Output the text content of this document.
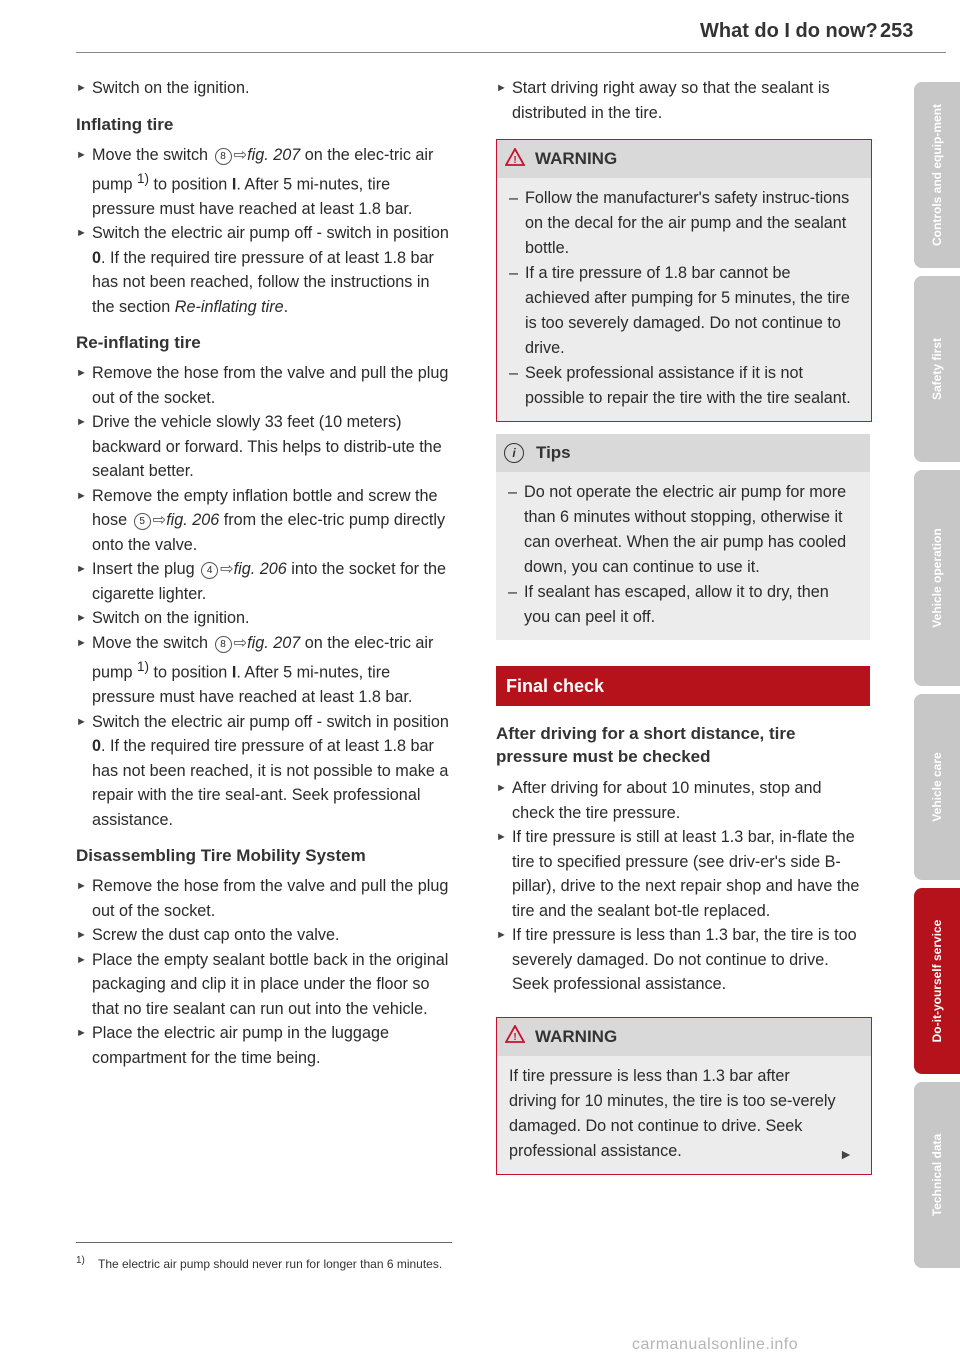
What do I do now? 253

► Switch on the ignition.

Inflating tire

► Move the switch 8 ⇨fig. 207 on the elec-tric air pump $^{1)}$ to position I. After 5 mi-nutes, tire pressure must have reached at least 1.8 bar.

► Switch the electric air pump off - switch in position 0. If the required tire pressure of at least 1.8 bar has not been reached, follow the instructions in the section Re-inflating tire.

Re-inflating tire

► Remove the hose from the valve and pull the plug out of the socket.

► Drive the vehicle slowly 33 feet (10 meters) backward or forward. This helps to distrib-ute the sealant better.

► Remove the empty inflation bottle and screw the hose 5 ⇨fig. 206 from the elec-tric pump directly onto the valve.

► Insert the plug 4 ⇨fig. 206 into the socket for the cigarette lighter.

► Switch on the ignition.

► Move the switch 8 ⇨fig. 207 on the elec-tric air pump $^{1)}$ to position I. After 5 mi-nutes, tire pressure must have reached at least 1.8 bar.

► Switch the electric air pump off - switch in position 0. If the required tire pressure of at least 1.8 bar has not been reached, it is not possible to make a repair with the tire seal-ant. Seek professional assistance.

Disassembling Tire Mobility System

► Remove the hose from the valve and pull the plug out of the socket.

► Screw the dust cap onto the valve.

► Place the empty sealant bottle back in the original packaging and clip it in place under the floor so that no tire sealant can run out into the vehicle.

► Place the electric air pump in the luggage compartment for the time being.

1)	The electric air pump should never run for longer than 6 minutes.

► Start driving right away so that the sealant is distributed in the tire.

! WARNING

– Follow the manufacturer's safety instruc-tions on the decal for the air pump and the sealant bottle.

– If a tire pressure of 1.8 bar cannot be achieved after pumping for 5 minutes, the tire is too severely damaged. Do not continue to drive.

– Seek professional assistance if it is not possible to repair the tire with the tire sealant.

i	Tips

– Do not operate the electric air pump for more than 6 minutes without stopping, otherwise it can overheat. When the air pump has cooled down, you can continue to use it.

– If sealant has escaped, allow it to dry, then you can peel it off.

Final check
After driving for a short distance, tire pressure must be checked

► After driving for about 10 minutes, stop and check the tire pressure.

► If tire pressure is still at least 1.3 bar, in-flate the tire to specified pressure (see driv-er's side B-pillar), drive to the next repair shop and have the tire and the sealant bot-tle replaced.

► If tire pressure is less than 1.3 bar, the tire is too severely damaged. Do not continue to drive. Seek professional assistance.

! WARNING

If tire pressure is less than 1.3 bar after driving for 10 minutes, the tire is too se-verely damaged. Do not continue to drive. Seek professional assistance.	►
Controls and equip-ment
Safety first
Vehicle operation
Vehicle care
Do-it-yourself service
Technical data
carmanualsonline.info
